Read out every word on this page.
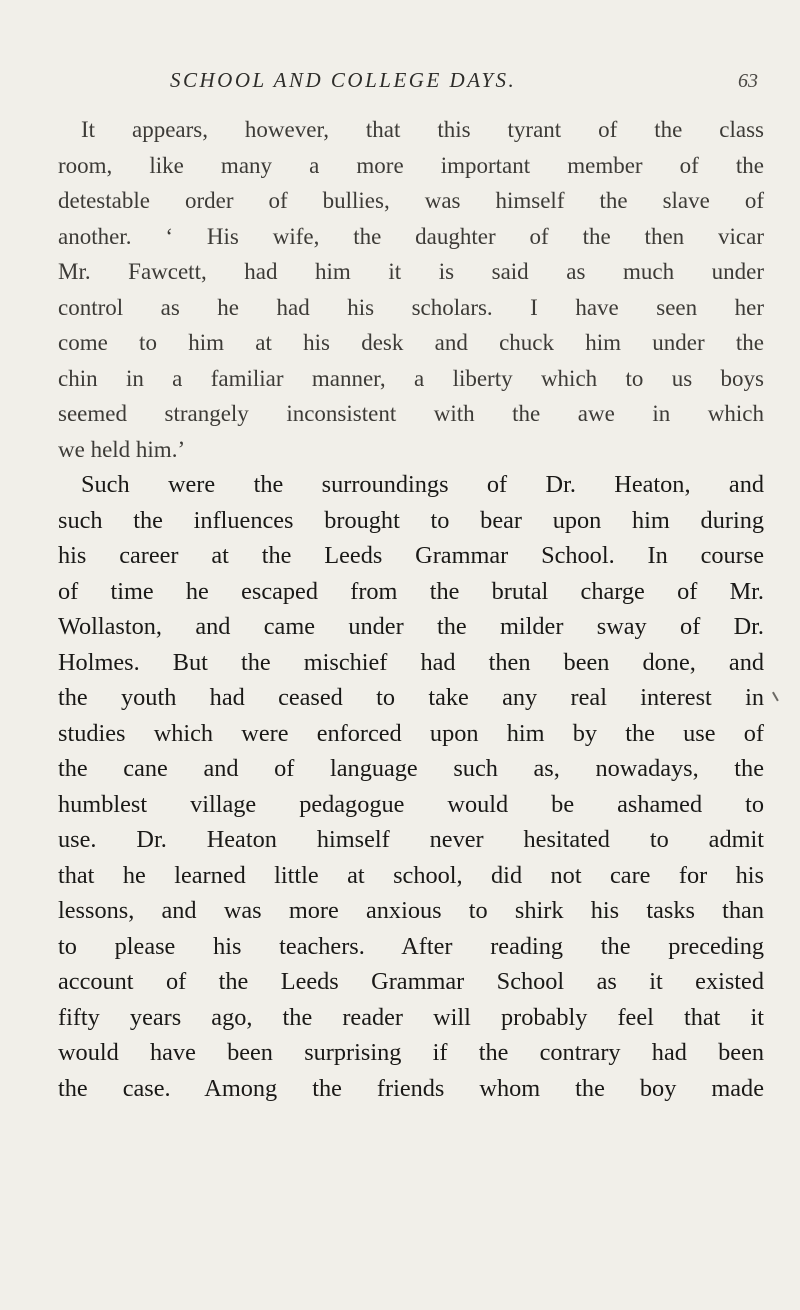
SCHOOL AND COLLEGE DAYS.	63
It appears, however, that this tyrant of the class
room, like many a more important member of the
detestable order of bullies, was himself the slave of
another. ‘ His wife, the daughter of the then vicar
Mr. Fawcett, had him it is said as much under
control as he had his scholars. I have seen her
come to him at his desk and chuck him under the
chin in a familiar manner, a liberty which to us boys
seemed strangely inconsistent with the awe in which
we held him.’
Such were the surroundings of Dr. Heaton, and
such the influences brought to bear upon him during
his career at the Leeds Grammar School. In course
of time he escaped from the brutal charge of Mr.
Wollaston, and came under the milder sway of Dr.
Holmes. But the mischief had then been done, and
the youth had ceased to take any real interest in
studies which were enforced upon him by the use of
the cane and of language such as, nowadays, the
humblest village pedagogue would be ashamed to
use. Dr. Heaton himself never hesitated to admit
that he learned little at school, did not care for his
lessons, and was more anxious to shirk his tasks than
to please his teachers. After reading the preceding
account of the Leeds Grammar School as it existed
fifty years ago, the reader will probably feel that it
would have been surprising if the contrary had been
the case. Among the friends whom the boy made
